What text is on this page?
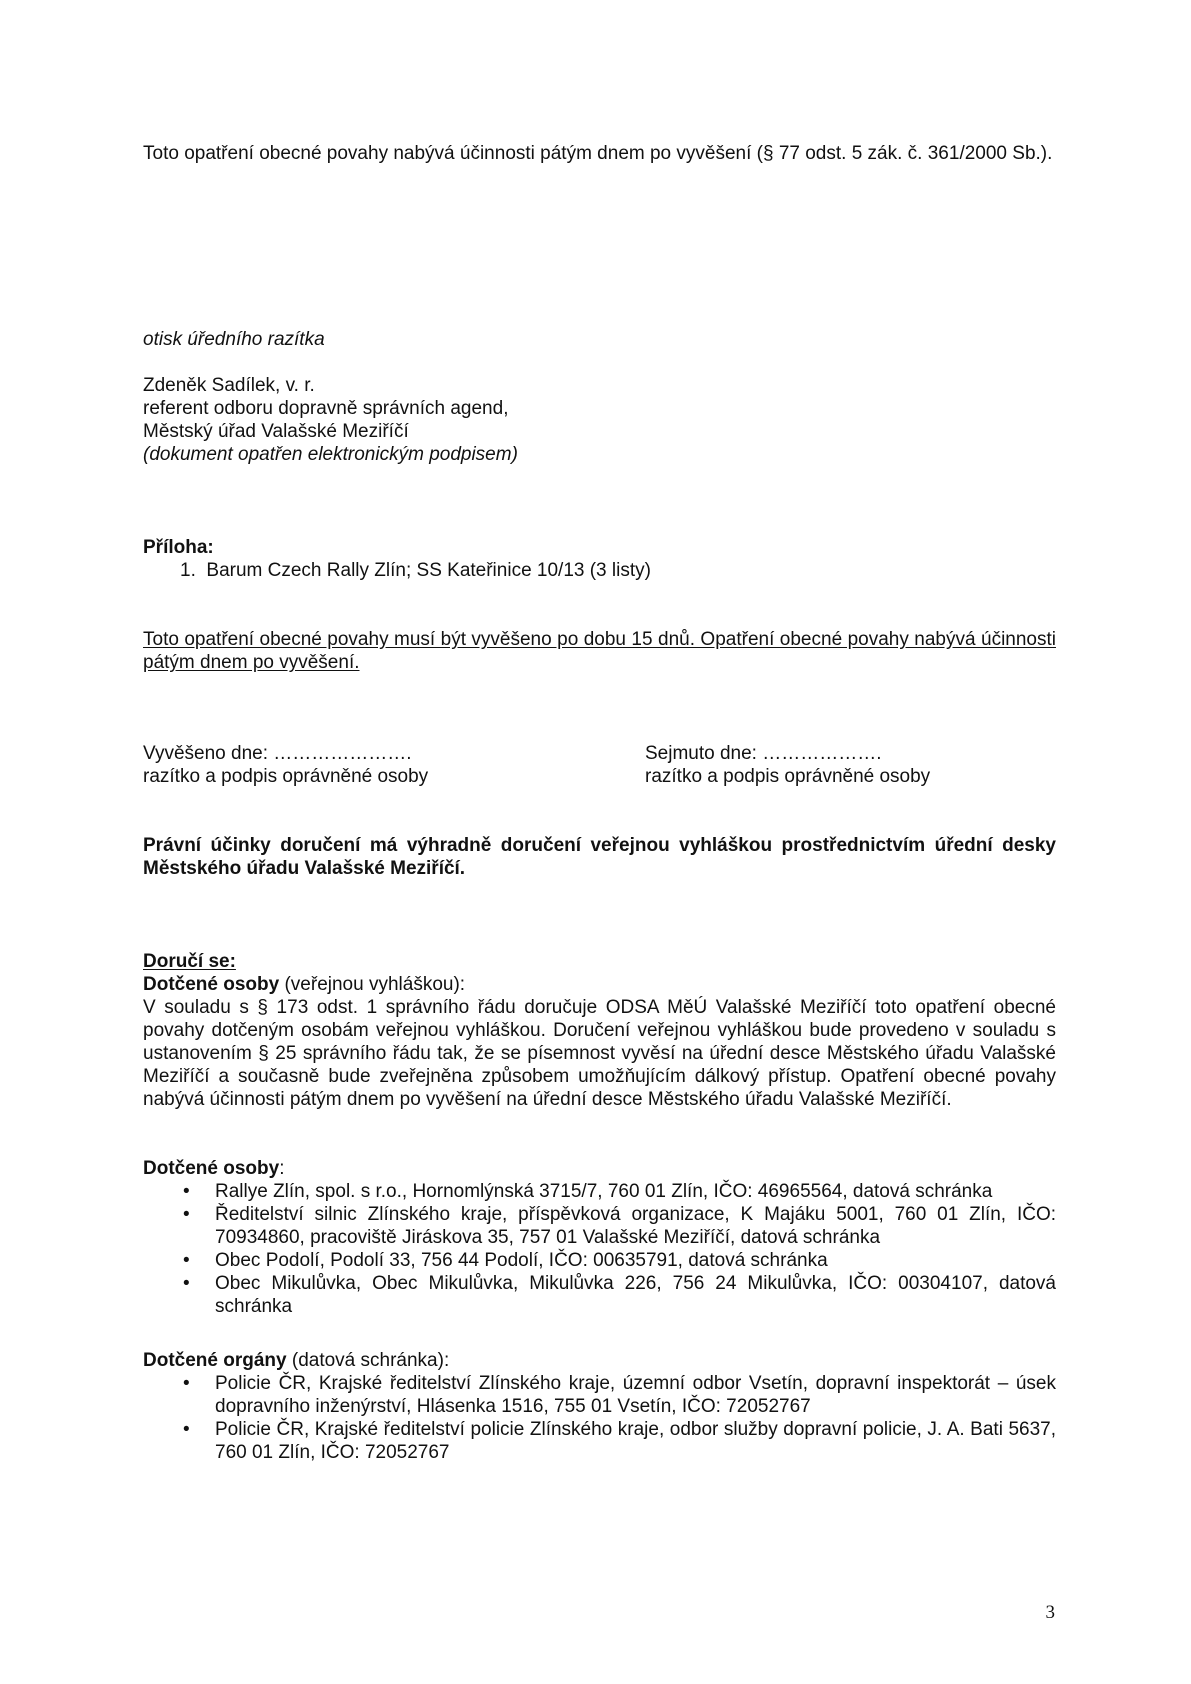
Toto opatření obecné povahy nabývá účinnosti pátým dnem po vyvěšení (§ 77 odst. 5 zák. č. 361/2000 Sb.).

otisk úředního razítka

Zdeněk Sadílek, v. r.
referent odboru dopravně správních agend,
Městský úřad Valašské Meziříčí
(dokument opatřen elektronickým podpisem)
Příloha:
1.  Barum Czech Rally Zlín; SS Kateřinice 10/13 (3 listy)

Toto opatření obecné povahy musí být vyvěšeno po dobu 15 dnů. Opatření obecné povahy nabývá účinnosti pátým dnem po vyvěšení.

Vyvěšeno dne: ………………….
razítko a podpis oprávněné osoby
Sejmuto dne: ……………….
razítko a podpis oprávněné osoby

Právní účinky doručení má výhradně doručení veřejnou vyhláškou prostřednictvím úřední desky Městského úřadu Valašské Meziříčí.

Doručí se:
Dotčené osoby (veřejnou vyhláškou):

V souladu s § 173 odst. 1 správního řádu doručuje ODSA MěÚ Valašské Meziříčí toto opatření obecné povahy dotčeným osobám veřejnou vyhláškou. Doručení veřejnou vyhláškou bude provedeno v souladu s ustanovením § 25 správního řádu tak, že se písemnost vyvěsí na úřední desce Městského úřadu Valašské Meziříčí a současně bude zveřejněna způsobem umožňujícím dálkový přístup. Opatření obecné povahy nabývá účinnosti pátým dnem po vyvěšení na úřední desce Městského úřadu Valašské Meziříčí.

Dotčené osoby:
• Rallye Zlín, spol. s r.o., Hornomlýnská 3715/7, 760 01 Zlín, IČO: 46965564, datová schránka
• Ředitelství silnic Zlínského kraje, příspěvková organizace, K Majáku 5001, 760 01 Zlín, IČO: 70934860, pracoviště Jiráskova 35, 757 01 Valašské Meziříčí, datová schránka
• Obec Podolí, Podolí 33, 756 44 Podolí, IČO: 00635791, datová schránka
• Obec Mikulůvka, Obec Mikulůvka, Mikulůvka 226, 756 24 Mikulůvka, IČO: 00304107, datová schránka
Dotčené orgány (datová schránka):
• Policie ČR, Krajské ředitelství Zlínského kraje, územní odbor Vsetín, dopravní inspektorát – úsek dopravního inženýrství, Hlásenka 1516, 755 01 Vsetín, IČO: 72052767
• Policie ČR, Krajské ředitelství policie Zlínského kraje, odbor služby dopravní policie, J. A. Bati 5637, 760 01 Zlín, IČO: 72052767
3
